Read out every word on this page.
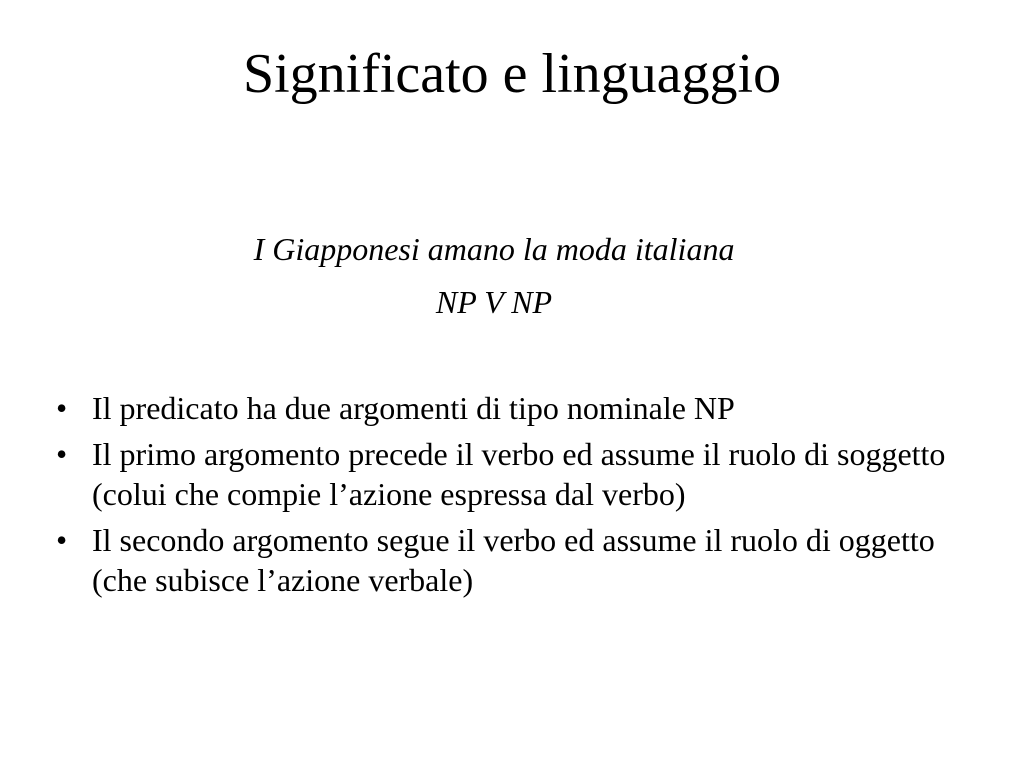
Significato e linguaggio
I Giapponesi amano la moda italiana
NP V NP
• Il predicato ha due argomenti di tipo nominale NP
• Il primo argomento precede il verbo ed assume il ruolo di soggetto (colui che compie l’azione espressa dal verbo)
• Il secondo argomento segue il verbo ed assume il ruolo di oggetto (che subisce l’azione verbale)
